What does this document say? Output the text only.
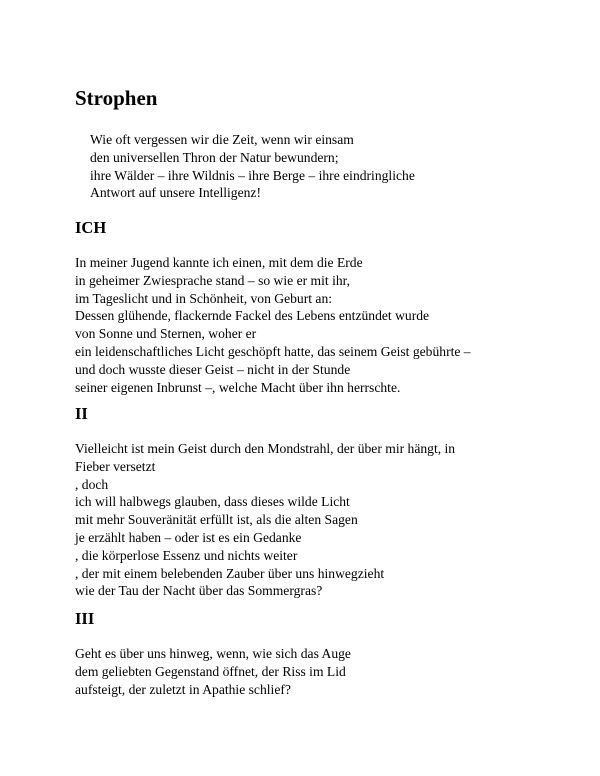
Strophen
Wie oft vergessen wir die Zeit, wenn wir einsam
den universellen Thron der Natur bewundern;
ihre Wälder – ihre Wildnis – ihre Berge – ihre eindringliche
Antwort auf unsere Intelligenz!
ICH
In meiner Jugend kannte ich einen, mit dem die Erde
in geheimer Zwiesprache stand – so wie er mit ihr,
im Tageslicht und in Schönheit, von Geburt an:
Dessen glühende, flackernde Fackel des Lebens entzündet wurde
von Sonne und Sternen, woher er
ein leidenschaftliches Licht geschöpft hatte, das seinem Geist gebührte –
und doch wusste dieser Geist – nicht in der Stunde
seiner eigenen Inbrunst –, welche Macht über ihn herrschte.
II
Vielleicht ist mein Geist durch den Mondstrahl, der über mir hängt, in
Fieber versetzt
, doch
ich will halbwegs glauben, dass dieses wilde Licht
mit mehr Souveränität erfüllt ist, als die alten Sagen
je erzählt haben – oder ist es ein Gedanke
, die körperlose Essenz und nichts weiter
, der mit einem belebenden Zauber über uns hinwegzieht
wie der Tau der Nacht über das Sommergras?
III
Geht es über uns hinweg, wenn, wie sich das Auge
dem geliebten Gegenstand öffnet, der Riss im Lid
aufsteigt, der zuletzt in Apathie schlief?
